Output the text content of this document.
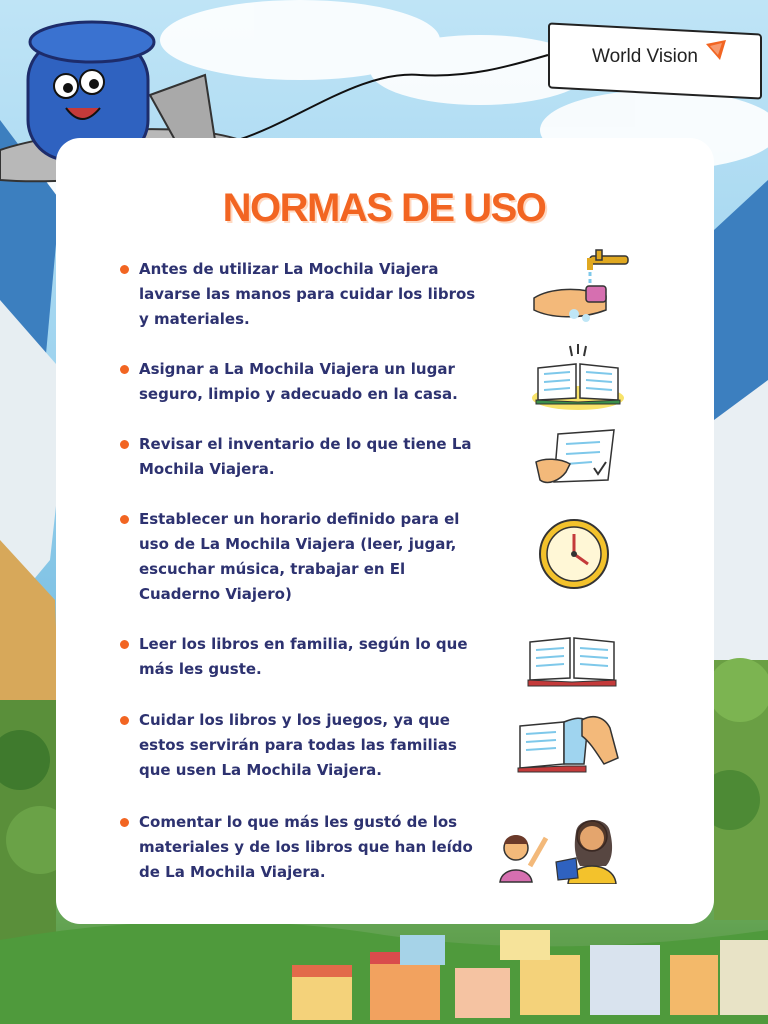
World Vision
NORMAS DE USO
Antes de utilizar La Mochila Viajera lavarse las manos para cuidar los libros y materiales.
Asignar a La Mochila Viajera un lugar seguro, limpio y adecuado en la casa.
Revisar el inventario de lo que tiene La Mochila Viajera.
Establecer un horario definido para el uso de La Mochila Viajera (leer, jugar, escuchar música, trabajar en El Cuaderno Viajero)
Leer los libros en familia, según lo que más les guste.
Cuidar los libros y los juegos, ya que estos servirán para todas las familias que usen La Mochila Viajera.
Comentar lo que más les gustó de los materiales y de los libros que han leído de La Mochila Viajera.
